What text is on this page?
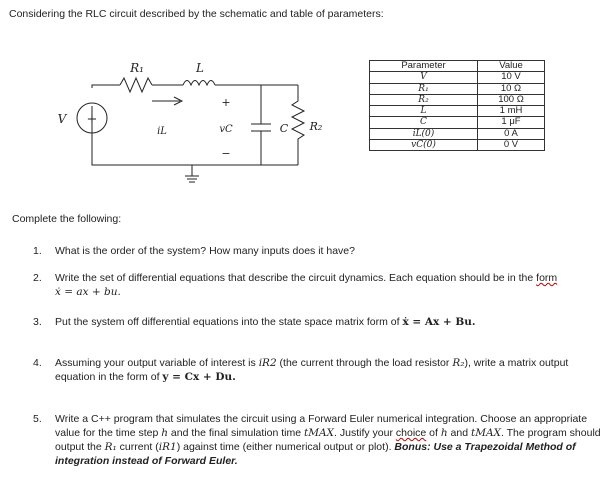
Considering the RLC circuit described by the schematic and table of parameters:
+
R₁	L
V
iL
+
vC
−
C R₂
Parameter	Value
V	10 V
R₁	10 Ω
R₂	100 Ω
L	1 mH
C	1 μF
iL(0)	0 A
vC(0)	0 V
Complete the following:
1.	What is the order of the system? How many inputs does it have?
2.	Write the set of differential equations that describe the circuit dynamics. Each equation should be in the form
ẋ = ax + bu.
3.	Put the system off differential equations into the state space matrix form of ẋ = Ax + Bu.
4.	Assuming your output variable of interest is iR2 (the current through the load resistor R₂), write a matrix output
equation in the form of y = Cx + Du.
5.	Write a C++ program that simulates the circuit using a Forward Euler numerical integration. Choose an appropriate value for the time step h and the final simulation time tMAX. Justify your choice of h and tMAX. The program should output the R₁ current (iR1) against time (either numerical output or plot). Bonus: Use a Trapezoidal Method of integration instead of Forward Euler.
